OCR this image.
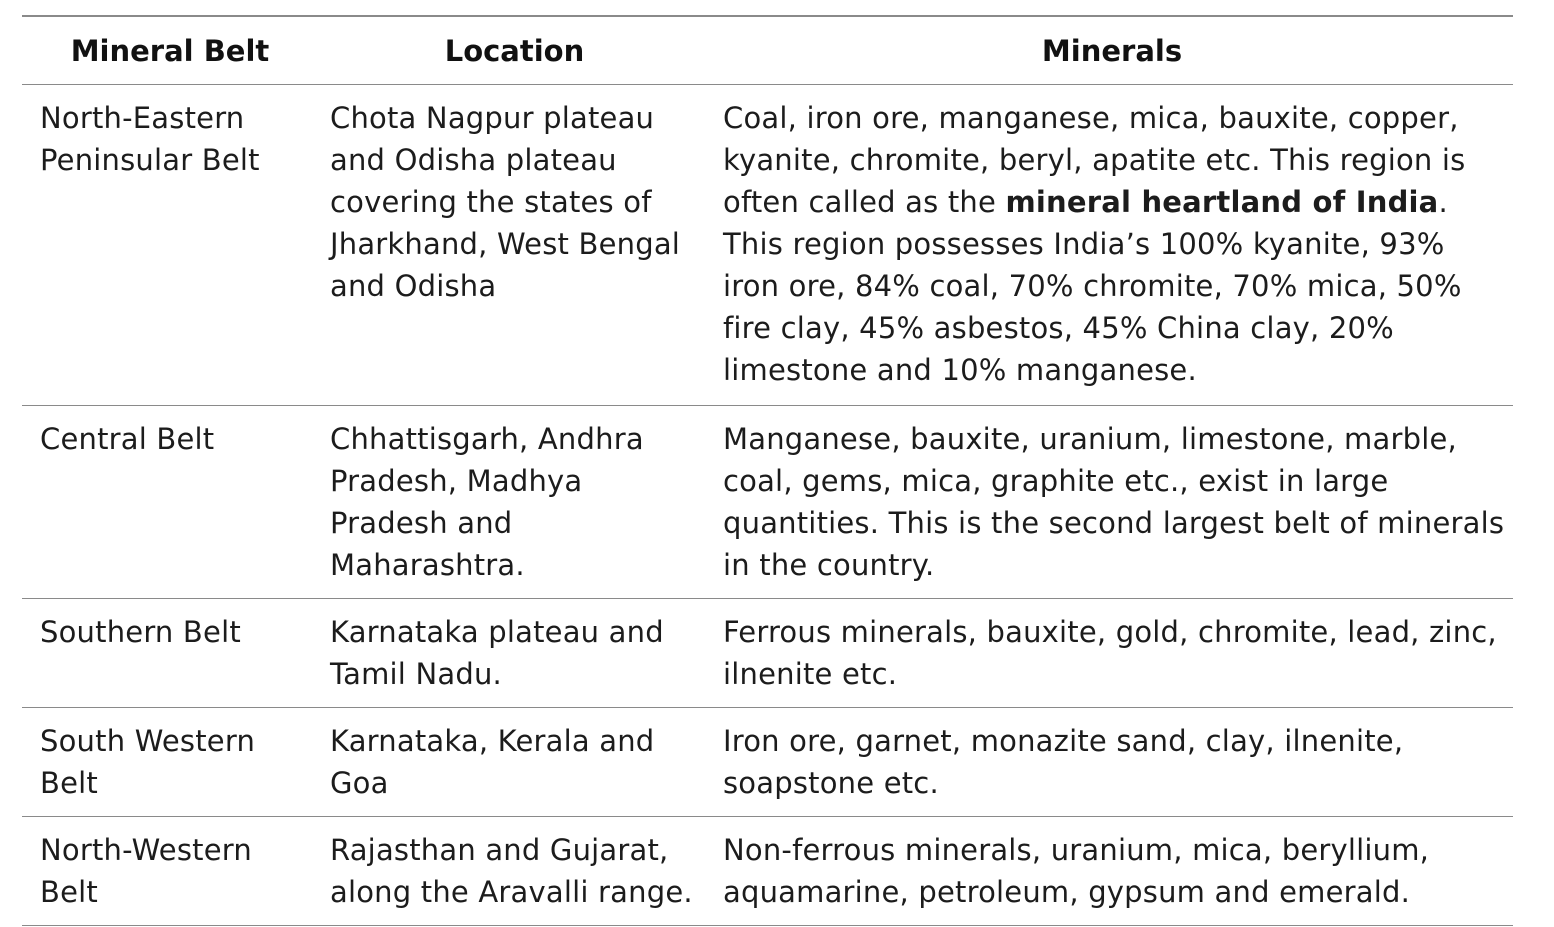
Mineral Belt	Location	Minerals
North-Eastern Peninsular Belt	Chota Nagpur plateau and Odisha plateau covering the states of Jharkhand, West Bengal and Odisha	Coal, iron ore, manganese, mica, bauxite, copper, kyanite, chromite, beryl, apatite etc. This region is often called as the mineral heartland of India. This region possesses India’s 100% kyanite, 93% iron ore, 84% coal, 70% chromite, 70% mica, 50% fire clay, 45% asbestos, 45% China clay, 20% limestone and 10% manganese.
Central Belt	Chhattisgarh, Andhra Pradesh, Madhya Pradesh and Maharashtra.	Manganese, bauxite, uranium, limestone, marble, coal, gems, mica, graphite etc., exist in large quantities. This is the second largest belt of minerals in the country.
Southern Belt	Karnataka plateau and Tamil Nadu.	Ferrous minerals, bauxite, gold, chromite, lead, zinc, ilnenite etc.
South Western Belt	Karnataka, Kerala and Goa	Iron ore, garnet, monazite sand, clay, ilnenite, soapstone etc.
North-Western Belt	Rajasthan and Gujarat, along the Aravalli range.	Non-ferrous minerals, uranium, mica, beryllium, aquamarine, petroleum, gypsum and emerald.
